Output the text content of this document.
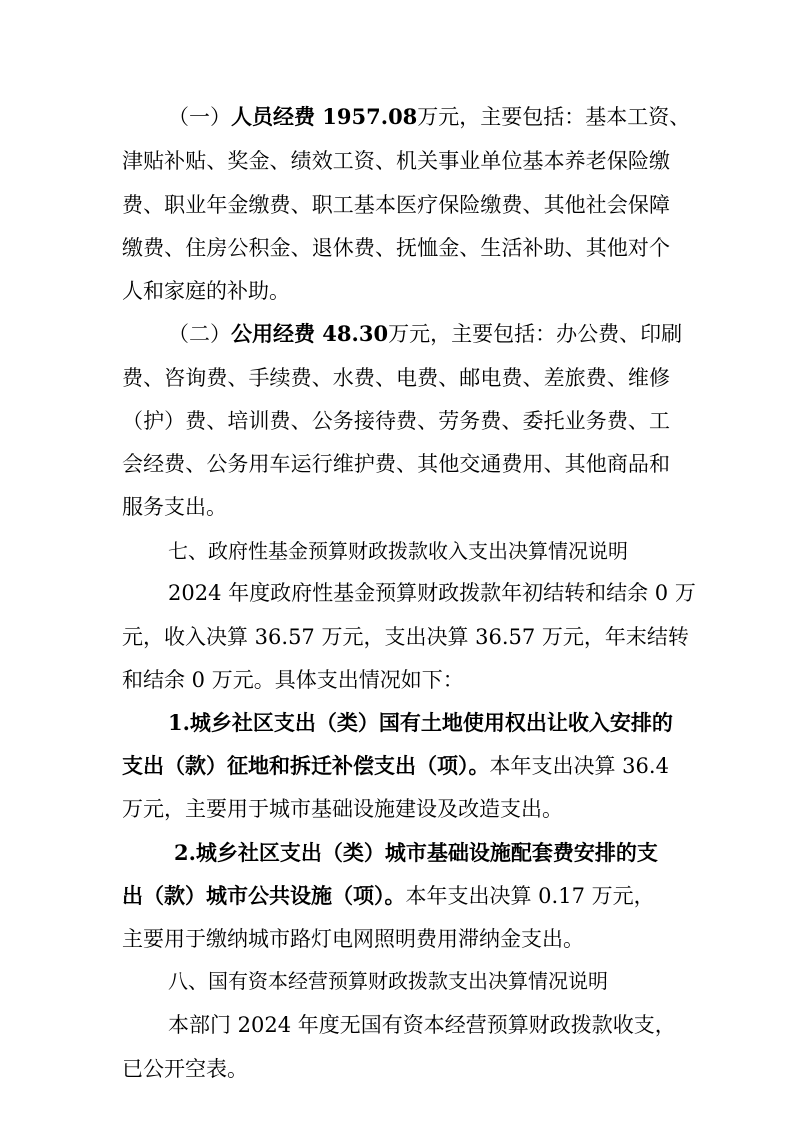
（一）人员经费 1957.08万元，主要包括：基本工资、
津贴补贴、奖金、绩效工资、机关事业单位基本养老保险缴
费、职业年金缴费、职工基本医疗保险缴费、其他社会保障
缴费、住房公积金、退休费、抚恤金、生活补助、其他对个
人和家庭的补助。
（二）公用经费 48.30万元，主要包括：办公费、印刷
费、咨询费、手续费、水费、电费、邮电费、差旅费、维修
（护）费、培训费、公务接待费、劳务费、委托业务费、工
会经费、公务用车运行维护费、其他交通费用、其他商品和
服务支出。
七、政府性基金预算财政拨款收入支出决算情况说明
2024 年度政府性基金预算财政拨款年初结转和结余 0 万
元，收入决算 36.57 万元，支出决算 36.57 万元，年末结转
和结余 0 万元。具体支出情况如下：
1.城乡社区支出（类）国有土地使用权出让收入安排的
支出（款）征地和拆迁补偿支出（项）。本年支出决算 36.4
万元，主要用于城市基础设施建设及改造支出。
2.城乡社区支出（类）城市基础设施配套费安排的支
出（款）城市公共设施（项）。本年支出决算 0.17 万元，
主要用于缴纳城市路灯电网照明费用滞纳金支出。
八、国有资本经营预算财政拨款支出决算情况说明
本部门 2024 年度无国有资本经营预算财政拨款收支，
已公开空表。
